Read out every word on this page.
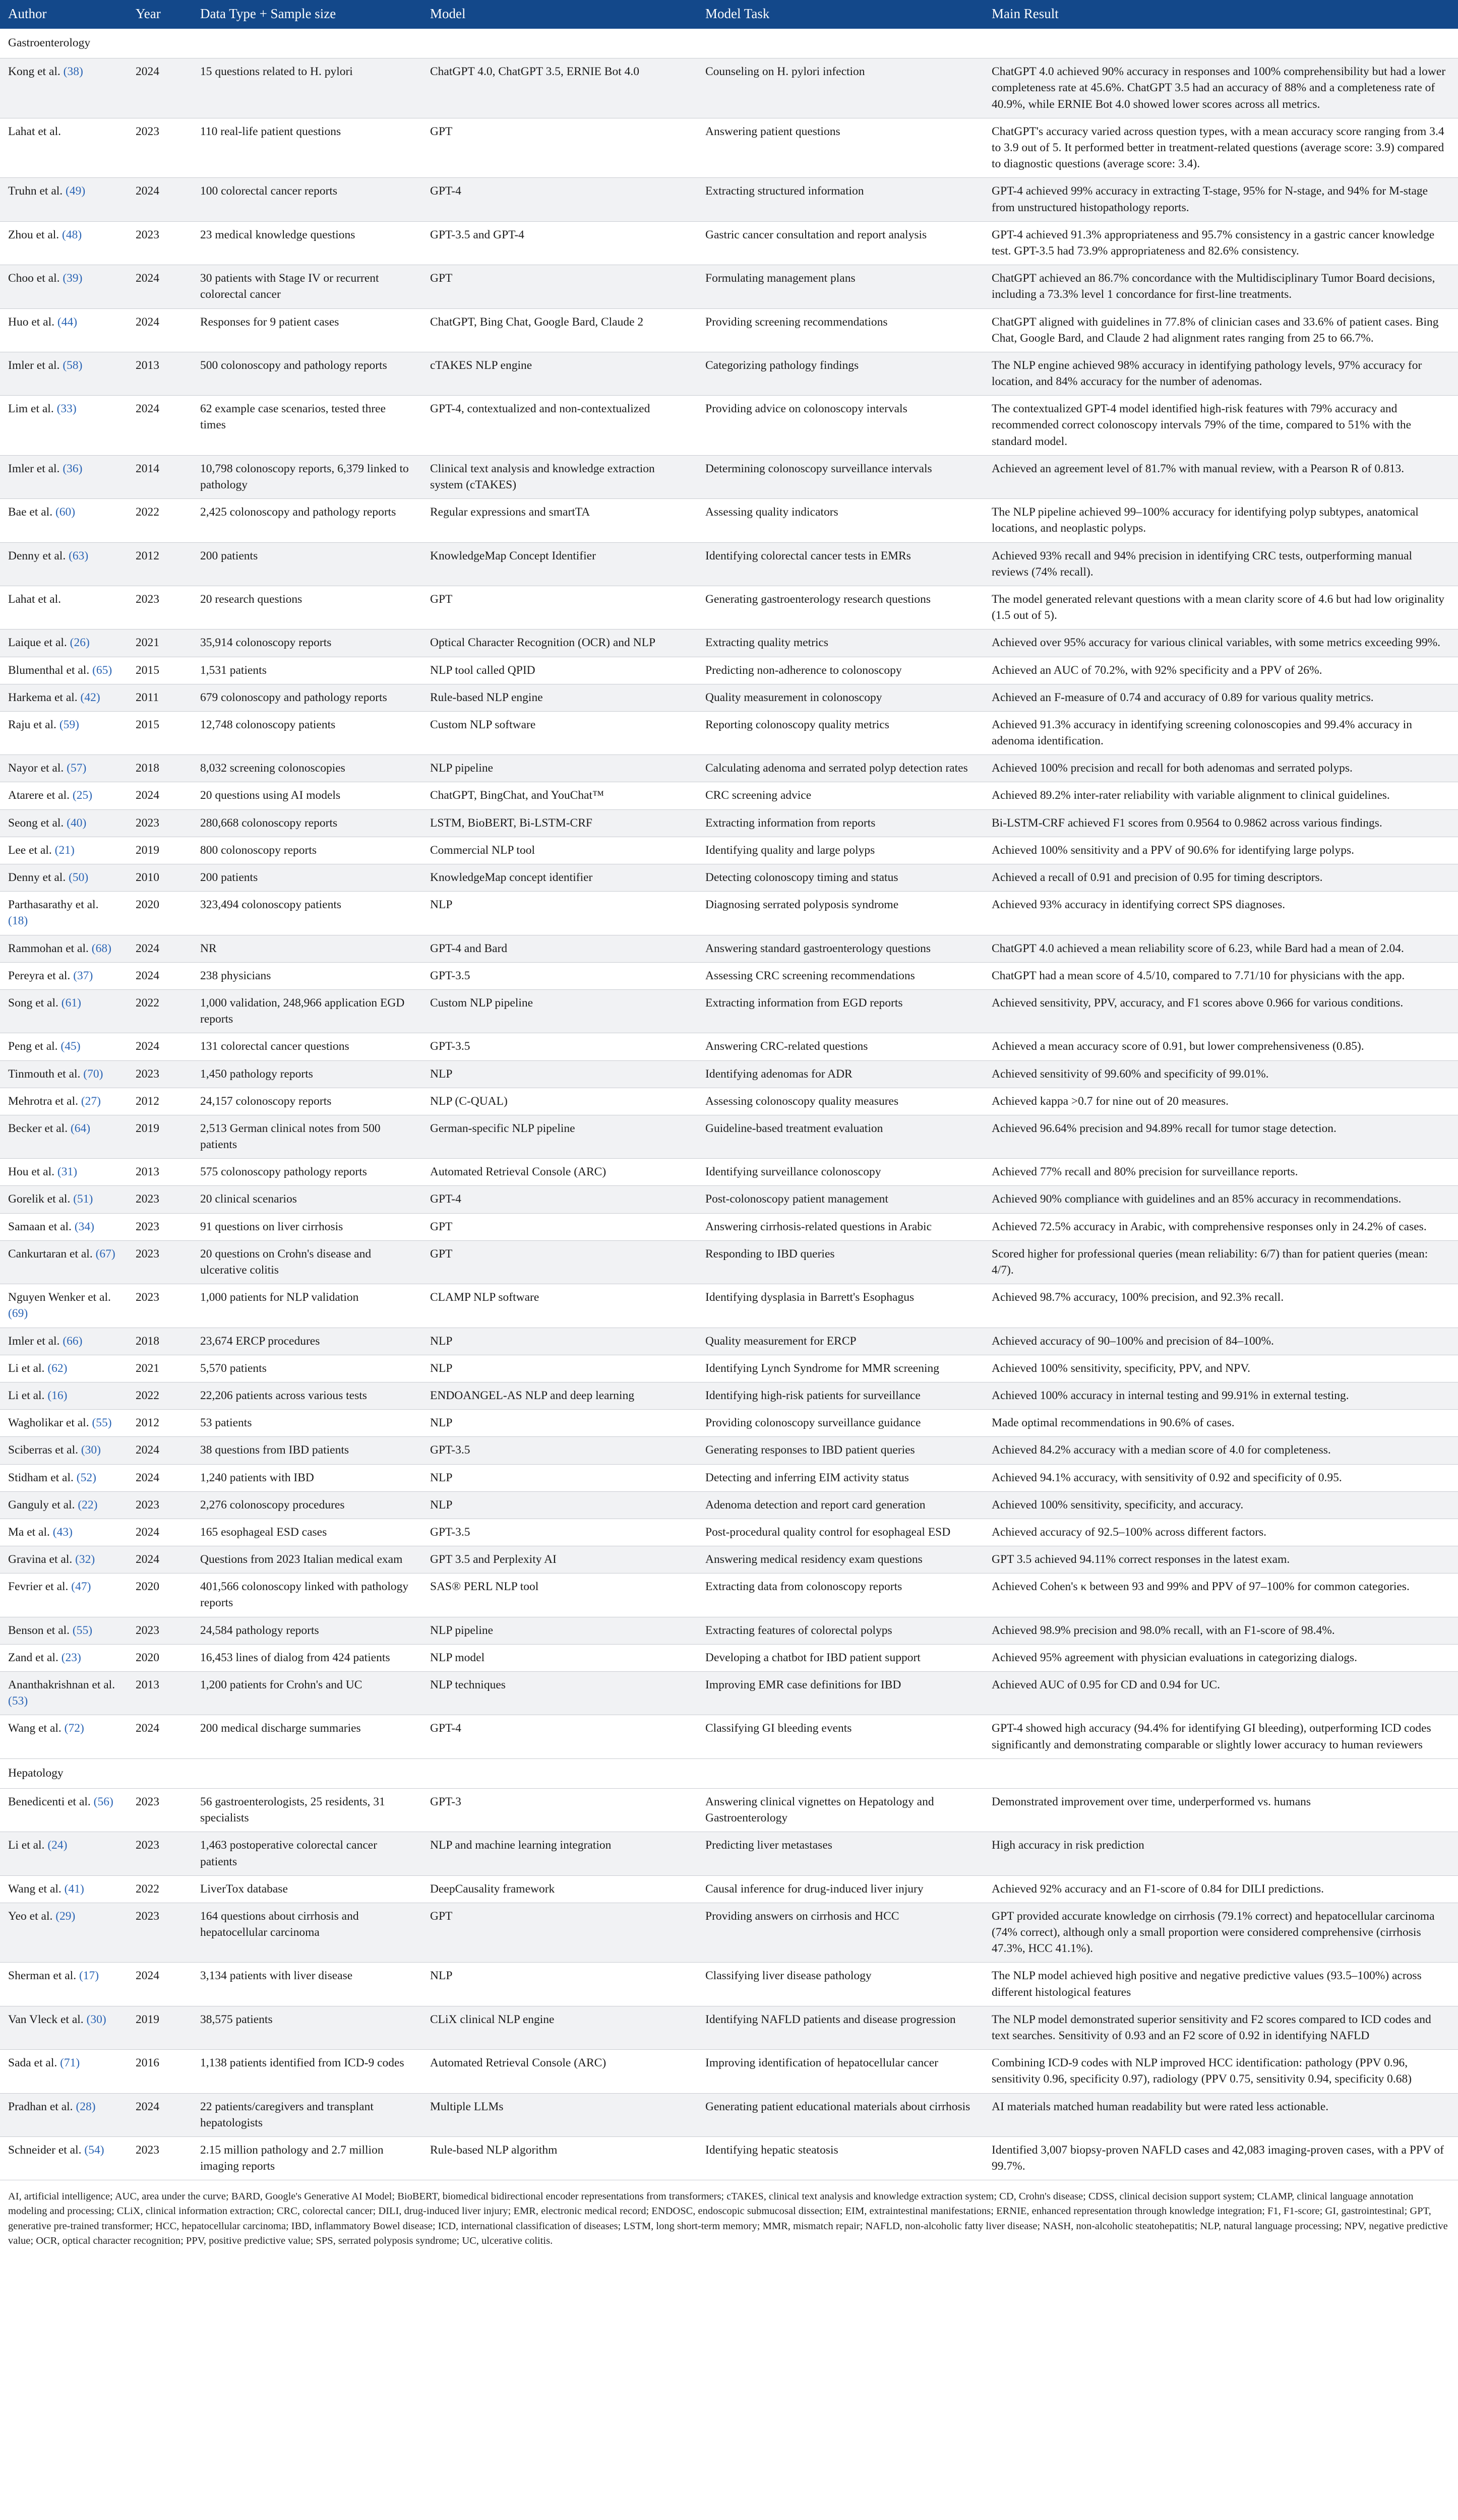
Author	Year	Data Type + Sample size	Model	Model Task	Main Result
Gastroenterology					
Kong et al. (38)	2024	15 questions related to H. pylori	ChatGPT 4.0, ChatGPT 3.5, ERNIE Bot 4.0	Counseling on H. pylori infection	ChatGPT 4.0 achieved 90% accuracy in responses and 100% comprehensibility but had a lower completeness rate at 45.6%. ChatGPT 3.5 had an accuracy of 88% and a completeness rate of 40.9%, while ERNIE Bot 4.0 showed lower scores across all metrics.
Lahat et al.	2023	110 real-life patient questions	GPT	Answering patient questions	ChatGPT's accuracy varied across question types, with a mean accuracy score ranging from 3.4 to 3.9 out of 5. It performed better in treatment-related questions (average score: 3.9) compared to diagnostic questions (average score: 3.4).
Truhn et al. (49)	2024	100 colorectal cancer reports	GPT-4	Extracting structured information	GPT-4 achieved 99% accuracy in extracting T-stage, 95% for N-stage, and 94% for M-stage from unstructured histopathology reports.
Zhou et al. (48)	2023	23 medical knowledge questions	GPT-3.5 and GPT-4	Gastric cancer consultation and report analysis	GPT-4 achieved 91.3% appropriateness and 95.7% consistency in a gastric cancer knowledge test. GPT-3.5 had 73.9% appropriateness and 82.6% consistency.
Choo et al. (39)	2024	30 patients with Stage IV or recurrent colorectal cancer	GPT	Formulating management plans	ChatGPT achieved an 86.7% concordance with the Multidisciplinary Tumor Board decisions, including a 73.3% level 1 concordance for first-line treatments.
Huo et al. (44)	2024	Responses for 9 patient cases	ChatGPT, Bing Chat, Google Bard, Claude 2	Providing screening recommendations	ChatGPT aligned with guidelines in 77.8% of clinician cases and 33.6% of patient cases. Bing Chat, Google Bard, and Claude 2 had alignment rates ranging from 25 to 66.7%.
Imler et al. (58)	2013	500 colonoscopy and pathology reports	cTAKES NLP engine	Categorizing pathology findings	The NLP engine achieved 98% accuracy in identifying pathology levels, 97% accuracy for location, and 84% accuracy for the number of adenomas.
Lim et al. (33)	2024	62 example case scenarios, tested three times	GPT-4, contextualized and non-contextualized	Providing advice on colonoscopy intervals	The contextualized GPT-4 model identified high-risk features with 79% accuracy and recommended correct colonoscopy intervals 79% of the time, compared to 51% with the standard model.
Imler et al. (36)	2014	10,798 colonoscopy reports, 6,379 linked to pathology	Clinical text analysis and knowledge extraction system (cTAKES)	Determining colonoscopy surveillance intervals	Achieved an agreement level of 81.7% with manual review, with a Pearson R of 0.813.
Bae et al. (60)	2022	2,425 colonoscopy and pathology reports	Regular expressions and smartTA	Assessing quality indicators	The NLP pipeline achieved 99–100% accuracy for identifying polyp subtypes, anatomical locations, and neoplastic polyps.
Denny et al. (63)	2012	200 patients	KnowledgeMap Concept Identifier	Identifying colorectal cancer tests in EMRs	Achieved 93% recall and 94% precision in identifying CRC tests, outperforming manual reviews (74% recall).
Lahat et al.	2023	20 research questions	GPT	Generating gastroenterology research questions	The model generated relevant questions with a mean clarity score of 4.6 but had low originality (1.5 out of 5).
Laique et al. (26)	2021	35,914 colonoscopy reports	Optical Character Recognition (OCR) and NLP	Extracting quality metrics	Achieved over 95% accuracy for various clinical variables, with some metrics exceeding 99%.
Blumenthal et al. (65)	2015	1,531 patients	NLP tool called QPID	Predicting non-adherence to colonoscopy	Achieved an AUC of 70.2%, with 92% specificity and a PPV of 26%.
Harkema et al. (42)	2011	679 colonoscopy and pathology reports	Rule-based NLP engine	Quality measurement in colonoscopy	Achieved an F-measure of 0.74 and accuracy of 0.89 for various quality metrics.
Raju et al. (59)	2015	12,748 colonoscopy patients	Custom NLP software	Reporting colonoscopy quality metrics	Achieved 91.3% accuracy in identifying screening colonoscopies and 99.4% accuracy in adenoma identification.
Nayor et al. (57)	2018	8,032 screening colonoscopies	NLP pipeline	Calculating adenoma and serrated polyp detection rates	Achieved 100% precision and recall for both adenomas and serrated polyps.
Atarere et al. (25)	2024	20 questions using AI models	ChatGPT, BingChat, and YouChat™	CRC screening advice	Achieved 89.2% inter-rater reliability with variable alignment to clinical guidelines.
Seong et al. (40)	2023	280,668 colonoscopy reports	LSTM, BioBERT, Bi-LSTM-CRF	Extracting information from reports	Bi-LSTM-CRF achieved F1 scores from 0.9564 to 0.9862 across various findings.
Lee et al. (21)	2019	800 colonoscopy reports	Commercial NLP tool	Identifying quality and large polyps	Achieved 100% sensitivity and a PPV of 90.6% for identifying large polyps.
Denny et al. (50)	2010	200 patients	KnowledgeMap concept identifier	Detecting colonoscopy timing and status	Achieved a recall of 0.91 and precision of 0.95 for timing descriptors.
Parthasarathy et al. (18)	2020	323,494 colonoscopy patients	NLP	Diagnosing serrated polyposis syndrome	Achieved 93% accuracy in identifying correct SPS diagnoses.
Rammohan et al. (68)	2024	NR	GPT-4 and Bard	Answering standard gastroenterology questions	ChatGPT 4.0 achieved a mean reliability score of 6.23, while Bard had a mean of 2.04.
Pereyra et al. (37)	2024	238 physicians	GPT-3.5	Assessing CRC screening recommendations	ChatGPT had a mean score of 4.5/10, compared to 7.71/10 for physicians with the app.
Song et al. (61)	2022	1,000 validation, 248,966 application EGD reports	Custom NLP pipeline	Extracting information from EGD reports	Achieved sensitivity, PPV, accuracy, and F1 scores above 0.966 for various conditions.
Peng et al. (45)	2024	131 colorectal cancer questions	GPT-3.5	Answering CRC-related questions	Achieved a mean accuracy score of 0.91, but lower comprehensiveness (0.85).
Tinmouth et al. (70)	2023	1,450 pathology reports	NLP	Identifying adenomas for ADR	Achieved sensitivity of 99.60% and specificity of 99.01%.
Mehrotra et al. (27)	2012	24,157 colonoscopy reports	NLP (C-QUAL)	Assessing colonoscopy quality measures	Achieved kappa >0.7 for nine out of 20 measures.
Becker et al. (64)	2019	2,513 German clinical notes from 500 patients	German-specific NLP pipeline	Guideline-based treatment evaluation	Achieved 96.64% precision and 94.89% recall for tumor stage detection.
Hou et al. (31)	2013	575 colonoscopy pathology reports	Automated Retrieval Console (ARC)	Identifying surveillance colonoscopy	Achieved 77% recall and 80% precision for surveillance reports.
Gorelik et al. (51)	2023	20 clinical scenarios	GPT-4	Post-colonoscopy patient management	Achieved 90% compliance with guidelines and an 85% accuracy in recommendations.
Samaan et al. (34)	2023	91 questions on liver cirrhosis	GPT	Answering cirrhosis-related questions in Arabic	Achieved 72.5% accuracy in Arabic, with comprehensive responses only in 24.2% of cases.
Cankurtaran et al. (67)	2023	20 questions on Crohn's disease and ulcerative colitis	GPT	Responding to IBD queries	Scored higher for professional queries (mean reliability: 6/7) than for patient queries (mean: 4/7).
Nguyen Wenker et al. (69)	2023	1,000 patients for NLP validation	CLAMP NLP software	Identifying dysplasia in Barrett's Esophagus	Achieved 98.7% accuracy, 100% precision, and 92.3% recall.
Imler et al. (66)	2018	23,674 ERCP procedures	NLP	Quality measurement for ERCP	Achieved accuracy of 90–100% and precision of 84–100%.
Li et al. (62)	2021	5,570 patients	NLP	Identifying Lynch Syndrome for MMR screening	Achieved 100% sensitivity, specificity, PPV, and NPV.
Li et al. (16)	2022	22,206 patients across various tests	ENDOANGEL-AS NLP and deep learning	Identifying high-risk patients for surveillance	Achieved 100% accuracy in internal testing and 99.91% in external testing.
Wagholikar et al. (55)	2012	53 patients	NLP	Providing colonoscopy surveillance guidance	Made optimal recommendations in 90.6% of cases.
Sciberras et al. (30)	2024	38 questions from IBD patients	GPT-3.5	Generating responses to IBD patient queries	Achieved 84.2% accuracy with a median score of 4.0 for completeness.
Stidham et al. (52)	2024	1,240 patients with IBD	NLP	Detecting and inferring EIM activity status	Achieved 94.1% accuracy, with sensitivity of 0.92 and specificity of 0.95.
Ganguly et al. (22)	2023	2,276 colonoscopy procedures	NLP	Adenoma detection and report card generation	Achieved 100% sensitivity, specificity, and accuracy.
Ma et al. (43)	2024	165 esophageal ESD cases	GPT-3.5	Post-procedural quality control for esophageal ESD	Achieved accuracy of 92.5–100% across different factors.
Gravina et al. (32)	2024	Questions from 2023 Italian medical exam	GPT 3.5 and Perplexity AI	Answering medical residency exam questions	GPT 3.5 achieved 94.11% correct responses in the latest exam.
Fevrier et al. (47)	2020	401,566 colonoscopy linked with pathology reports	SAS® PERL NLP tool	Extracting data from colonoscopy reports	Achieved Cohen's κ between 93 and 99% and PPV of 97–100% for common categories.
Benson et al. (55)	2023	24,584 pathology reports	NLP pipeline	Extracting features of colorectal polyps	Achieved 98.9% precision and 98.0% recall, with an F1-score of 98.4%.
Zand et al. (23)	2020	16,453 lines of dialog from 424 patients	NLP model	Developing a chatbot for IBD patient support	Achieved 95% agreement with physician evaluations in categorizing dialogs.
Ananthakrishnan et al. (53)	2013	1,200 patients for Crohn's and UC	NLP techniques	Improving EMR case definitions for IBD	Achieved AUC of 0.95 for CD and 0.94 for UC.
Wang et al. (72)	2024	200 medical discharge summaries	GPT-4	Classifying GI bleeding events	GPT-4 showed high accuracy (94.4% for identifying GI bleeding), outperforming ICD codes significantly and demonstrating comparable or slightly lower accuracy to human reviewers
Hepatology					
Benedicenti et al. (56)	2023	56 gastroenterologists, 25 residents, 31 specialists	GPT-3	Answering clinical vignettes on Hepatology and Gastroenterology	Demonstrated improvement over time, underperformed vs. humans
Li et al. (24)	2023	1,463 postoperative colorectal cancer patients	NLP and machine learning integration	Predicting liver metastases	High accuracy in risk prediction
Wang et al. (41)	2022	LiverTox database	DeepCausality framework	Causal inference for drug-induced liver injury	Achieved 92% accuracy and an F1-score of 0.84 for DILI predictions.
Yeo et al. (29)	2023	164 questions about cirrhosis and hepatocellular carcinoma	GPT	Providing answers on cirrhosis and HCC	GPT provided accurate knowledge on cirrhosis (79.1% correct) and hepatocellular carcinoma (74% correct), although only a small proportion were considered comprehensive (cirrhosis 47.3%, HCC 41.1%).
Sherman et al. (17)	2024	3,134 patients with liver disease	NLP	Classifying liver disease pathology	The NLP model achieved high positive and negative predictive values (93.5–100%) across different histological features
Van Vleck et al. (30)	2019	38,575 patients	CLiX clinical NLP engine	Identifying NAFLD patients and disease progression	The NLP model demonstrated superior sensitivity and F2 scores compared to ICD codes and text searches. Sensitivity of 0.93 and an F2 score of 0.92 in identifying NAFLD
Sada et al. (71)	2016	1,138 patients identified from ICD-9 codes	Automated Retrieval Console (ARC)	Improving identification of hepatocellular cancer	Combining ICD-9 codes with NLP improved HCC identification: pathology (PPV 0.96, sensitivity 0.96, specificity 0.97), radiology (PPV 0.75, sensitivity 0.94, specificity 0.68)
Pradhan et al. (28)	2024	22 patients/caregivers and transplant hepatologists	Multiple LLMs	Generating patient educational materials about cirrhosis	AI materials matched human readability but were rated less actionable.
Schneider et al. (54)	2023	2.15 million pathology and 2.7 million imaging reports	Rule-based NLP algorithm	Identifying hepatic steatosis	Identified 3,007 biopsy-proven NAFLD cases and 42,083 imaging-proven cases, with a PPV of 99.7%.
AI, artificial intelligence; AUC, area under the curve; BARD, Google's Generative AI Model; BioBERT, biomedical bidirectional encoder representations from transformers; cTAKES, clinical text analysis and knowledge extraction system; CD, Crohn's disease; CDSS, clinical decision support system; CLAMP, clinical language annotation modeling and processing; CLiX, clinical information extraction; CRC, colorectal cancer; DILI, drug-induced liver injury; EMR, electronic medical record; ENDOSC, endoscopic submucosal dissection; EIM, extraintestinal manifestations; ERNIE, enhanced representation through knowledge integration; F1, F1-score; GI, gastrointestinal; GPT, generative pre-trained transformer; HCC, hepatocellular carcinoma; IBD, inflammatory Bowel disease; ICD, international classification of diseases; LSTM, long short-term memory; MMR, mismatch repair; NAFLD, non-alcoholic fatty liver disease; NASH, non-alcoholic steatohepatitis; NLP, natural language processing; NPV, negative predictive value; OCR, optical character recognition; PPV, positive predictive value; SPS, serrated polyposis syndrome; UC, ulcerative colitis.
